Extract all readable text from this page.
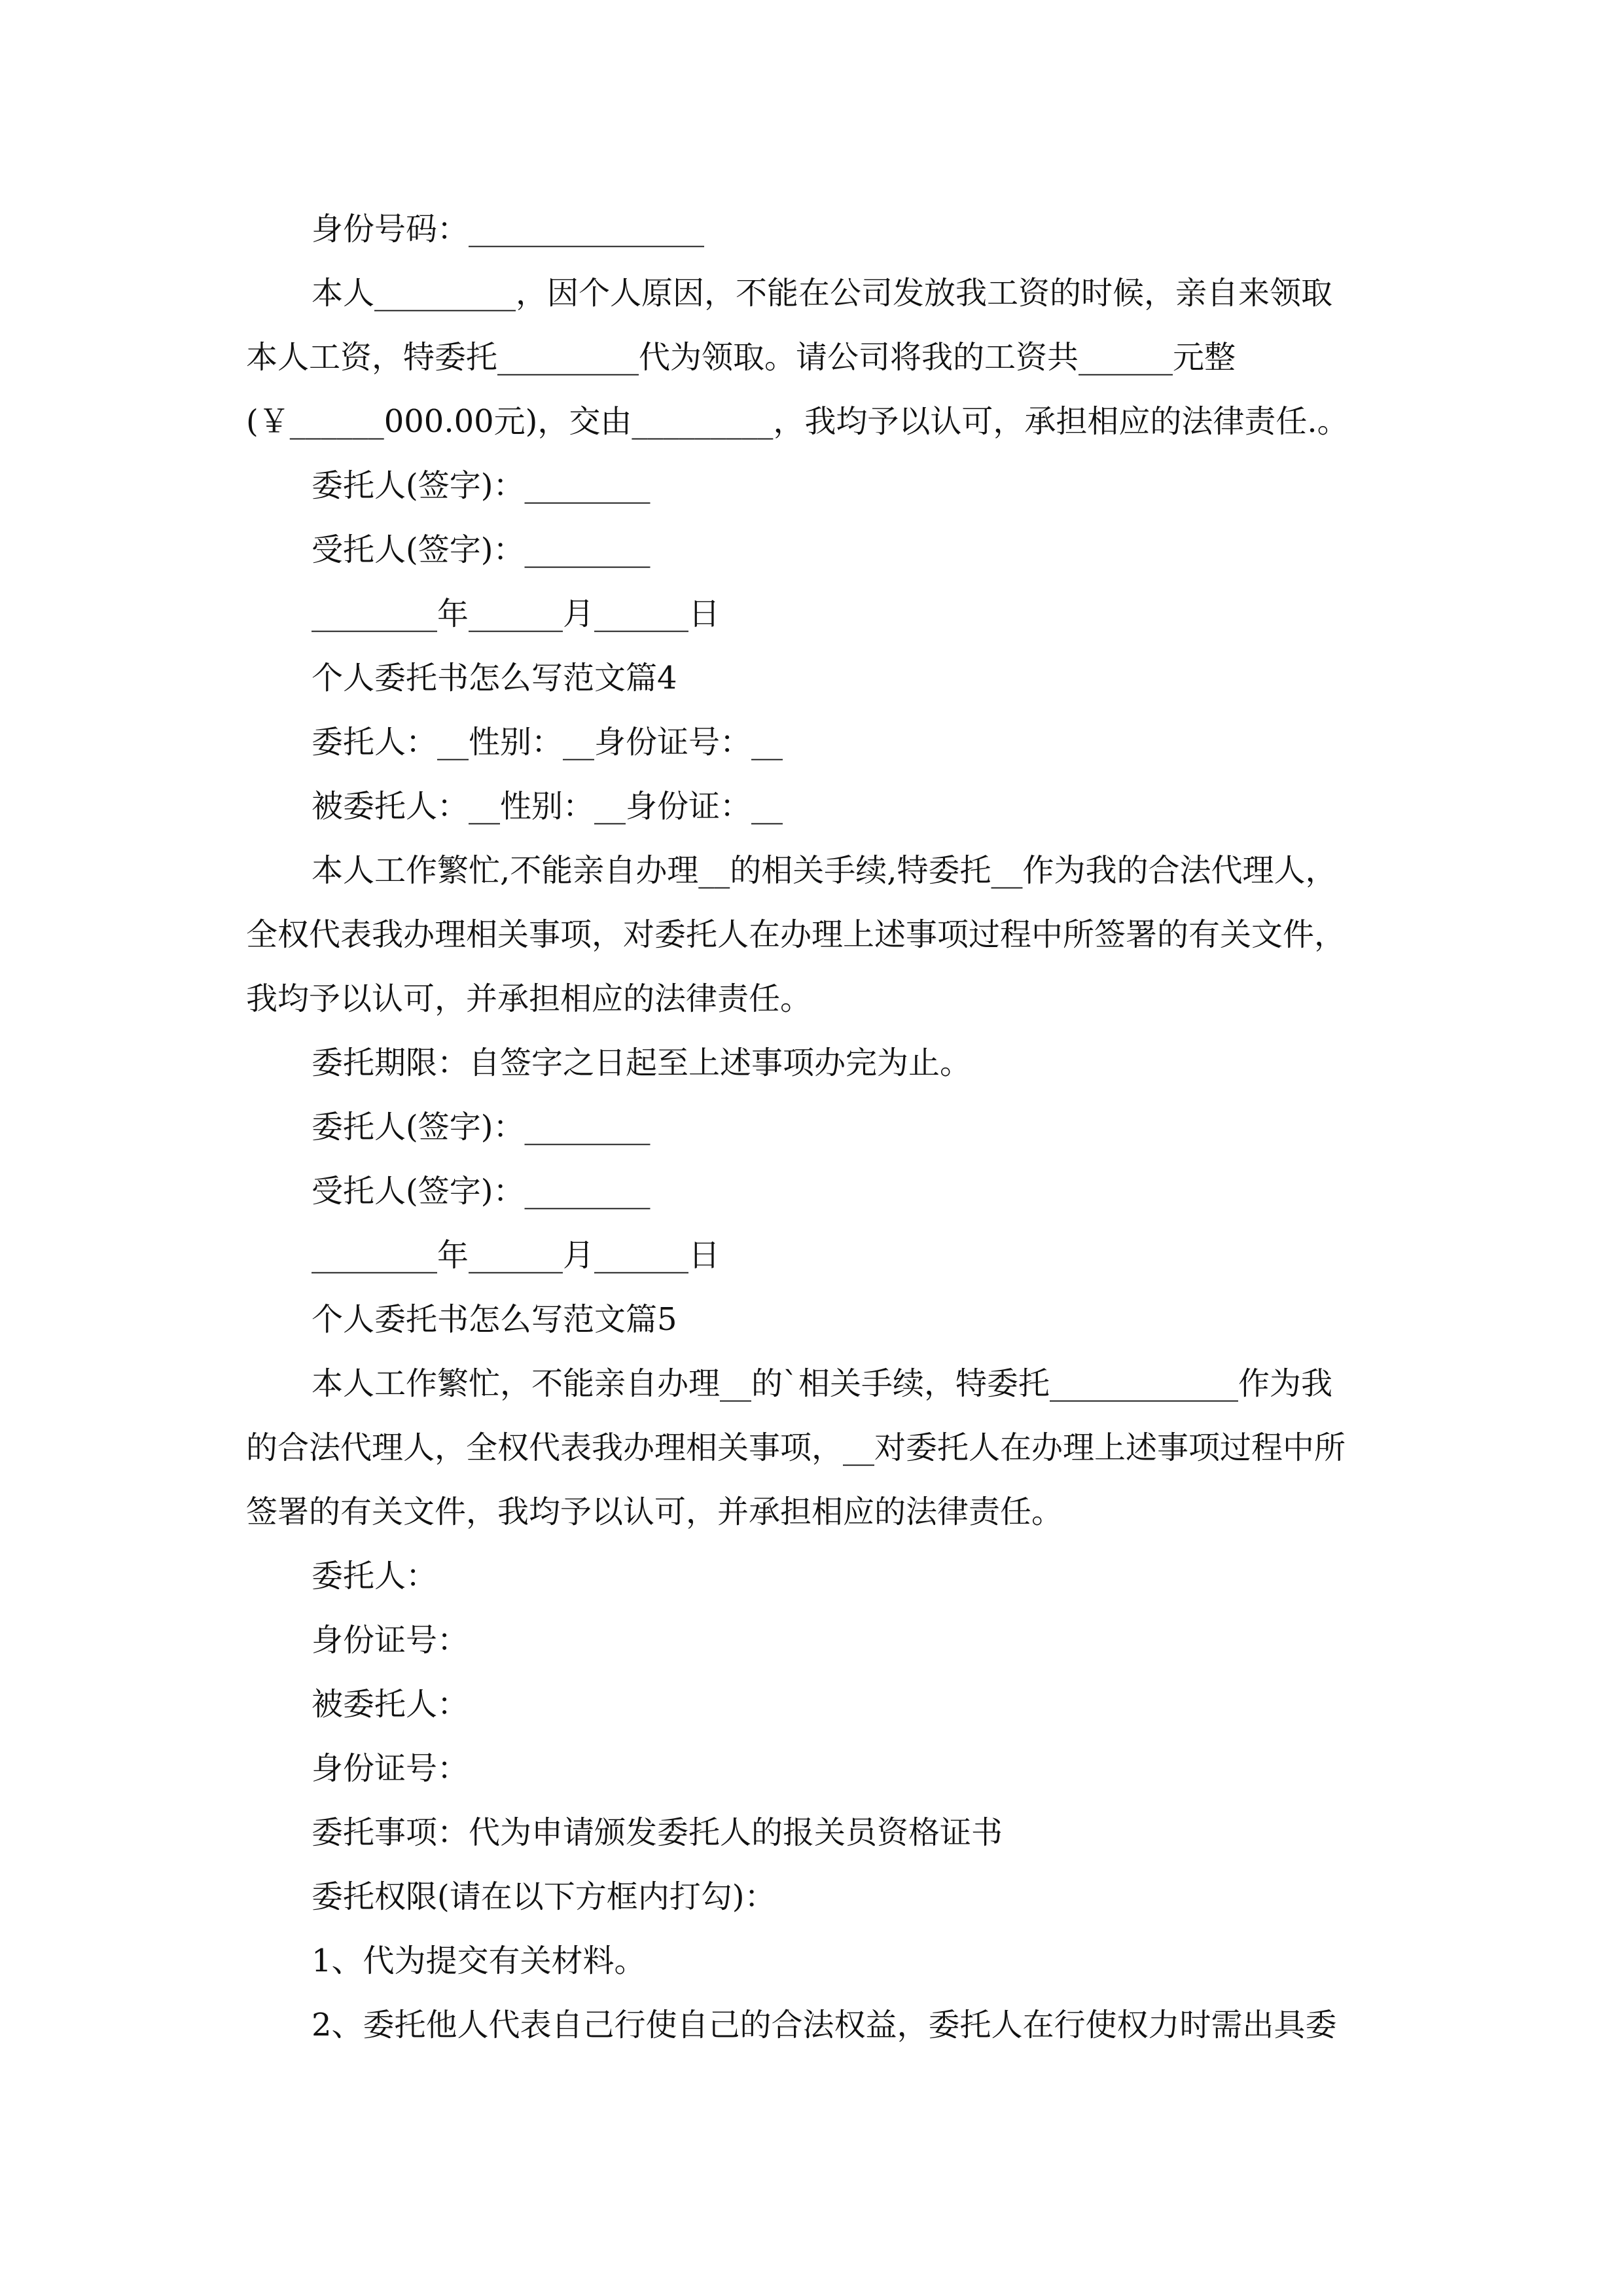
身份号码：_______________
本人_________，因个人原因，不能在公司发放我工资的时候，亲自来领取
本人工资，特委托_________代为领取。请公司将我的工资共______元整
(￥______000.00元)，交由_________，我均予以认可，承担相应的法律责任.。
委托人(签字)：________
受托人(签字)：________
________年______月______日
个人委托书怎么写范文篇4
委托人：__性别：__身份证号：__
被委托人：__性别：__身份证：__
本人工作繁忙,不能亲自办理__的相关手续,特委托__作为我的合法代理人，
全权代表我办理相关事项，对委托人在办理上述事项过程中所签署的有关文件，
我均予以认可，并承担相应的法律责任。
委托期限：自签字之日起至上述事项办完为止。
委托人(签字)：________
受托人(签字)：________
________年______月______日
个人委托书怎么写范文篇5
本人工作繁忙，不能亲自办理__的`相关手续，特委托____________作为我
的合法代理人，全权代表我办理相关事项，__对委托人在办理上述事项过程中所
签署的有关文件，我均予以认可，并承担相应的法律责任。
委托人：
身份证号：
被委托人：
身份证号：
委托事项：代为申请颁发委托人的报关员资格证书
委托权限(请在以下方框内打勾)：
1、代为提交有关材料。
2、委托他人代表自己行使自己的合法权益，委托人在行使权力时需出具委
